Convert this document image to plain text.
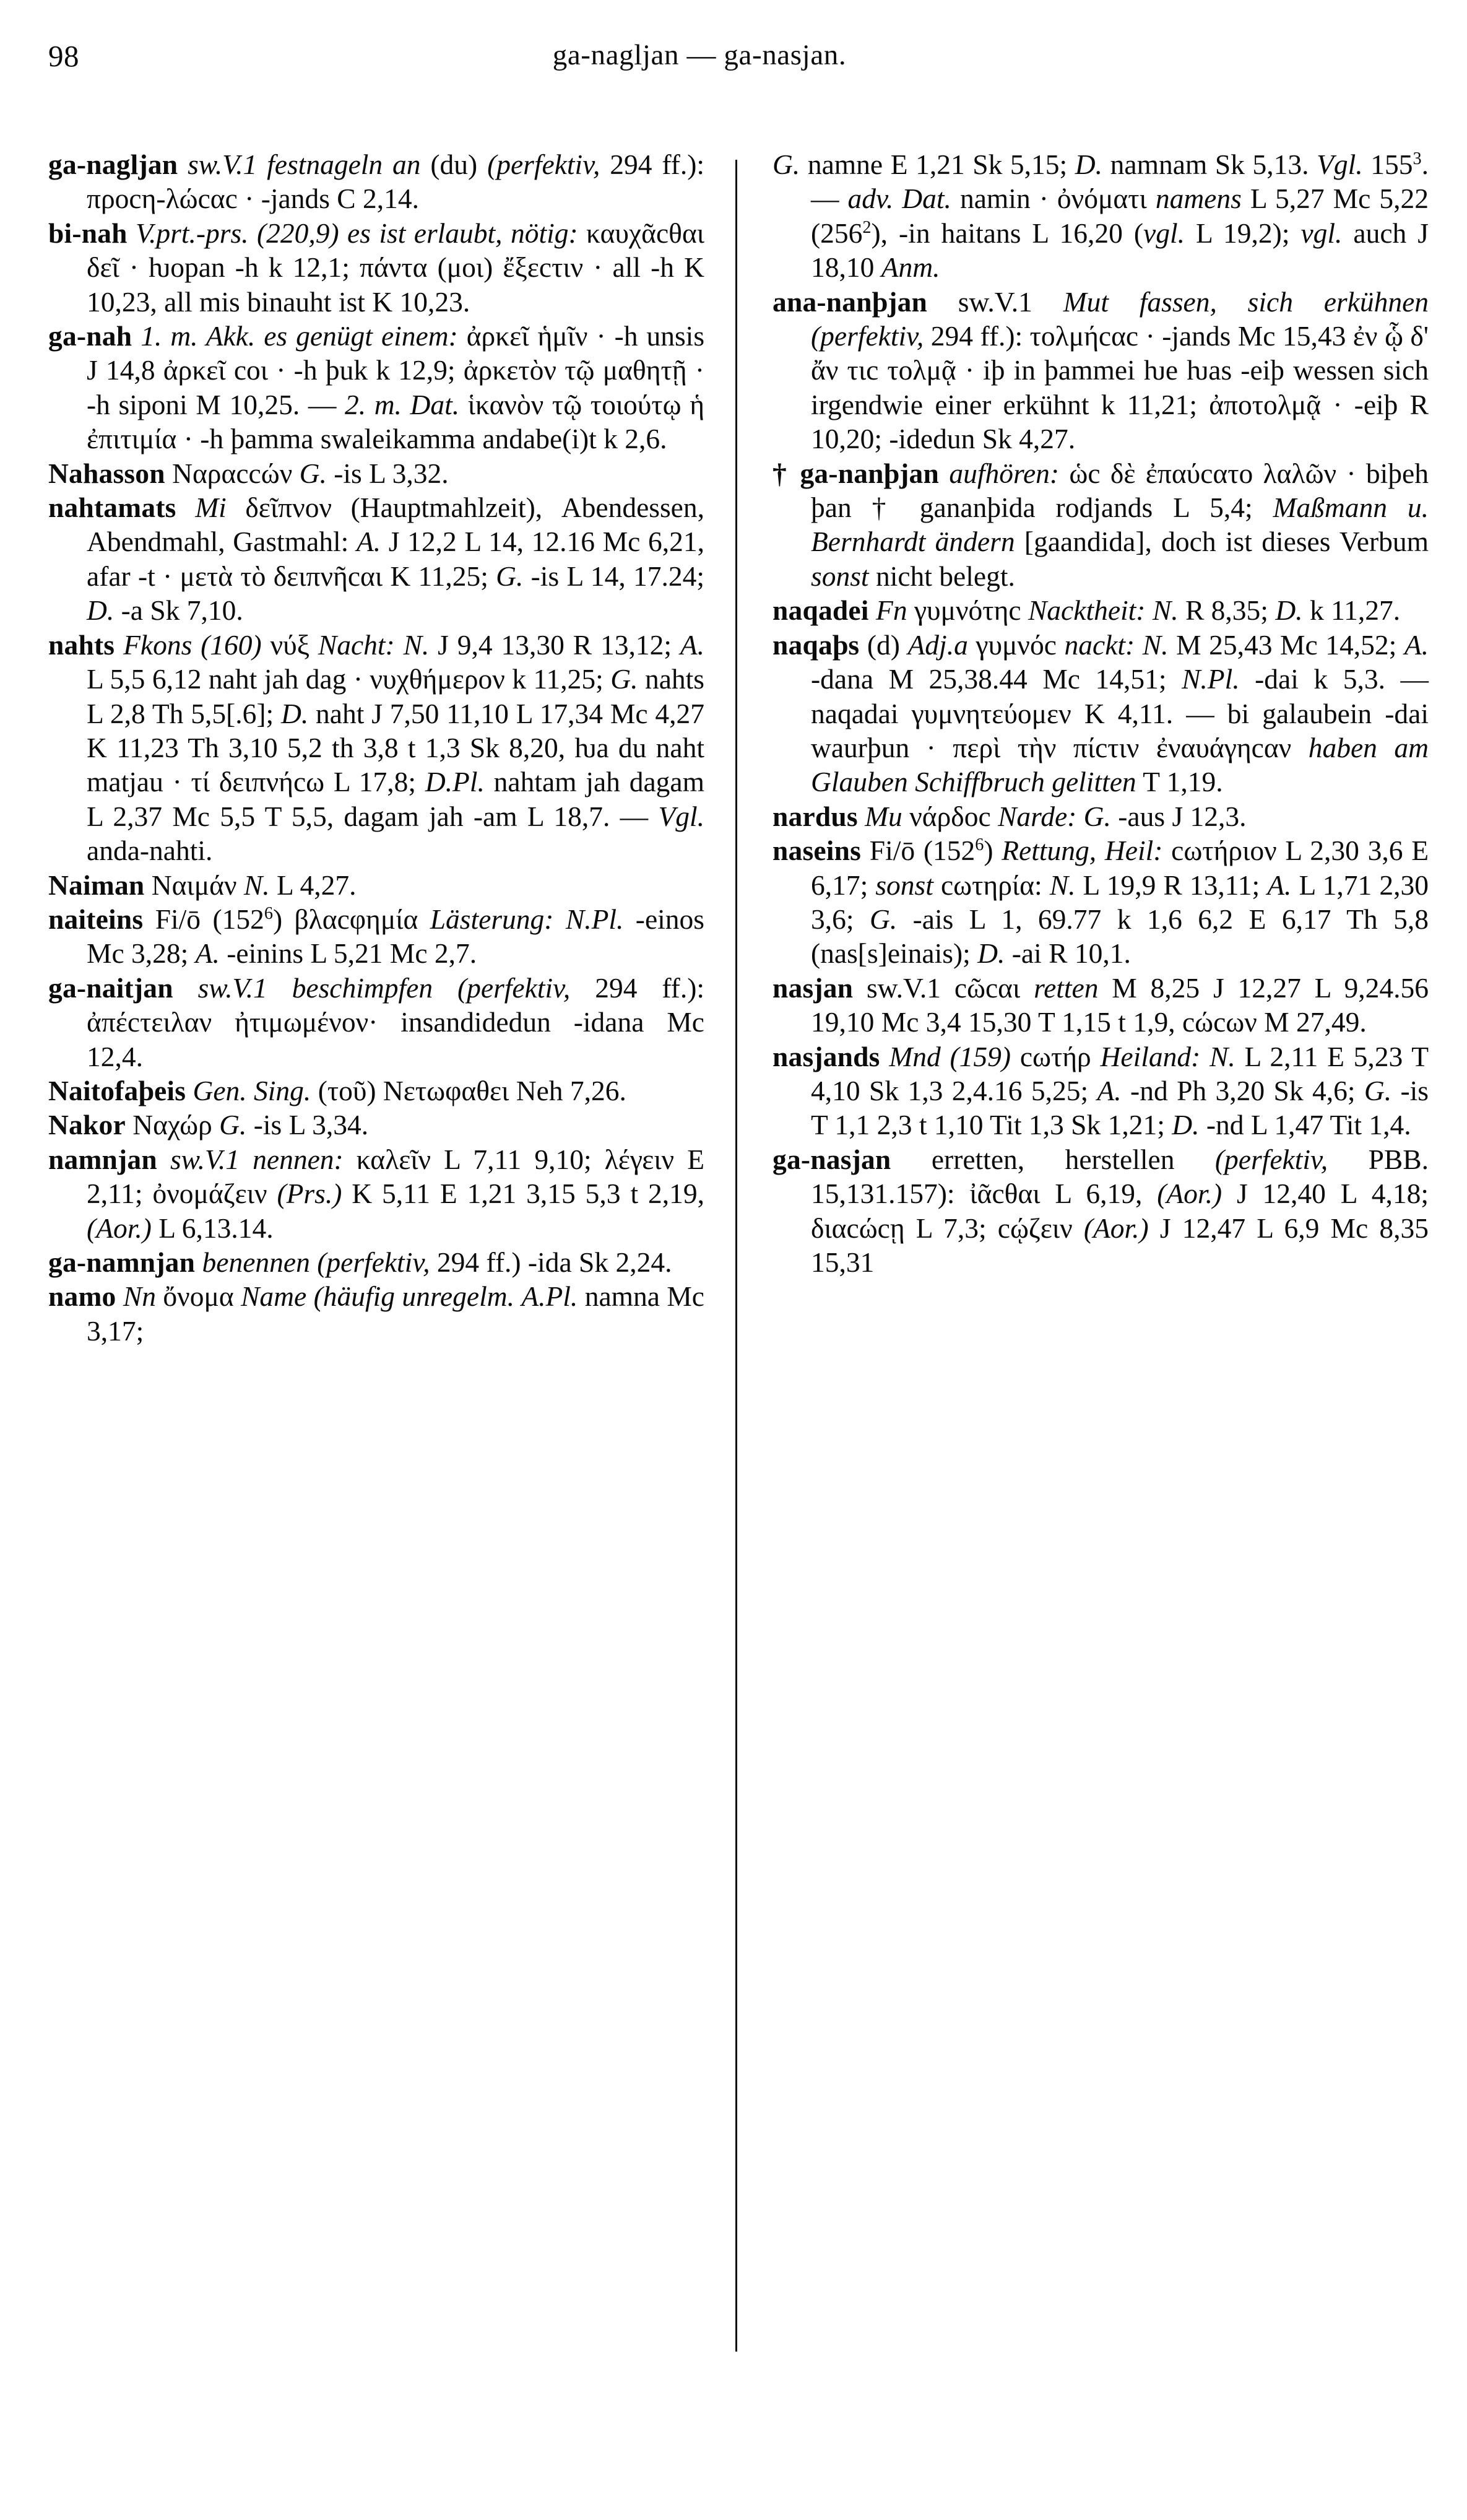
98	ga-nagljan — ga-nasjan.
ga-nagljan sw.V.1 festnageln an (du) (perfektiv, 294 ff.): προcη-λώcαc · -jands C 2,14.
bi-nah V.prt.-prs. (220,9) es ist erlaubt, nötig: καυχᾶcθαι δεῖ · ƕopan -h k 12,1; πάντα (μοι) ἔξεcτιν · all -h K 10,23, all mis binauht ist K 10,23.
ga-nah 1. m. Akk. es genügt einem: ἀρκεῖ ἡμῖν · -h unsis J 14,8 ἀρκεῖ coι · -h þuk k 12,9; ἀρκετὸν τῷ μαθητῇ · -h siponi M 10,25. — 2. m. Dat. ἱκανὸν τῷ τοιούτῳ ἡ ἐπιτιμία · -h þamma swaleikamma andabe(i)t k 2,6.
Nahasson Ναραccών G. -is L 3,32.
nahtamats Mi δεῖπνον (Hauptmahlzeit), Abendessen, Abendmahl, Gastmahl: A. J 12,2 L 14, 12.16 Mc 6,21, afar -t · μετὰ τὸ δειπνῆcαι K 11,25; G. -is L 14, 17.24; D. -a Sk 7,10.
nahts Fkons (160) νύξ Nacht: N. J 9,4 13,30 R 13,12; A. L 5,5 6,12 naht jah dag · νυχθήμερον k 11,25; G. nahts L 2,8 Th 5,5[.6]; D. naht J 7,50 11,10 L 17,34 Mc 4,27 K 11,23 Th 3,10 5,2 th 3,8 t 1,3 Sk 8,20, ƕa du naht matjau · τί δειπνήcω L 17,8; D.Pl. nahtam jah dagam L 2,37 Mc 5,5 T 5,5, dagam jah -am L 18,7. — Vgl. anda-nahti.
Naiman Ναιμάν N. L 4,27.
naiteins Fi/ō $(152^6)$ βλαcφημία Lästerung: N.Pl. -einos Mc 3,28; A. -einins L 5,21 Mc 2,7.
ga-naitjan sw.V.1 beschimpfen (perfektiv, 294 ff.): ἀπέcτειλαν ἠτιμωμένον· insandidedun -idana Mc 12,4.
Naitofaþeis Gen. Sing. (τοῦ) Νετωφαθει Neh 7,26.
Nakor Ναχώρ G. -is L 3,34.
namnjan sw.V.1 nennen: καλεῖν L 7,11 9,10; λέγειν E 2,11; ὀνομάζειν (Prs.) K 5,11 E 1,21 3,15 5,3 t 2,19, (Aor.) L 6,13.14.
ga-namnjan benennen (perfektiv, 294 ff.) -ida Sk 2,24.
namo Nn ὄνομα Name (häufig unregelm. A.Pl. namna Mc 3,17;
G. namne E 1,21 Sk 5,15; D. namnam Sk 5,13. Vgl. $155^3$. — adv. Dat. namin · ὀνόματι namens L 5,27 Mc 5,22 $(256^2)$, -in haitans L 16,20 (vgl. L 19,2); vgl. auch J 18,10 Anm.
ana-nanþjan sw.V.1 Mut fassen, sich erkühnen (perfektiv, 294 ff.): τολμήcαc · -jands Mc 15,43 ἐν ᾧ δ' ἄν τιc τολμᾷ · iþ in þammei ƕe ƕas -eiþ wessen sich irgendwie einer erkühnt k 11,21; ἀποτολμᾷ · -eiþ R 10,20; -idedun Sk 4,27.
† ga-nanþjan aufhören: ὡc δὲ ἐπαύcατο λαλῶν · biþeh þan † gananþida rodjands L 5,4; Maßmann u. Bernhardt ändern [gaandida], doch ist dieses Verbum sonst nicht belegt.
naqadei Fn γυμνότηc Nacktheit: N. R 8,35; D. k 11,27.
naqaþs (d) Adj.a γυμνόc nackt: N. M 25,43 Mc 14,52; A. -dana M 25,38.44 Mc 14,51; N.Pl. -dai k 5,3. — naqadai γυμνητεύομεν K 4,11. — bi galaubein -dai waurþun · περὶ τὴν πίcτιν ἐναυάγηcαν haben am Glauben Schiffbruch gelitten T 1,19.
nardus Mu νάρδοc Narde: G. -aus J 12,3.
naseins Fi/ō $(152^6)$ Rettung, Heil: cωτήριον L 2,30 3,6 E 6,17; sonst cωτηρία: N. L 19,9 R 13,11; A. L 1,71 2,30 3,6; G. -ais L 1, 69.77 k 1,6 6,2 E 6,17 Th 5,8 (nas[s]einais); D. -ai R 10,1.
nasjan sw.V.1 cῶcαι retten M 8,25 J 12,27 L 9,24.56 19,10 Mc 3,4 15,30 T 1,15 t 1,9, cώcων M 27,49.
nasjands Mnd (159) cωτήρ Heiland: N. L 2,11 E 5,23 T 4,10 Sk 1,3 2,4.16 5,25; A. -nd Ph 3,20 Sk 4,6; G. -is T 1,1 2,3 t 1,10 Tit 1,3 Sk 1,21; D. -nd L 1,47 Tit 1,4.
ga-nasjan erretten, herstellen (perfektiv, PBB. 15,131.157): ἰᾶcθαι L 6,19, (Aor.) J 12,40 L 4,18; διαcώcῃ L 7,3; cῴζειν (Aor.) J 12,47 L 6,9 Mc 8,35 15,31
